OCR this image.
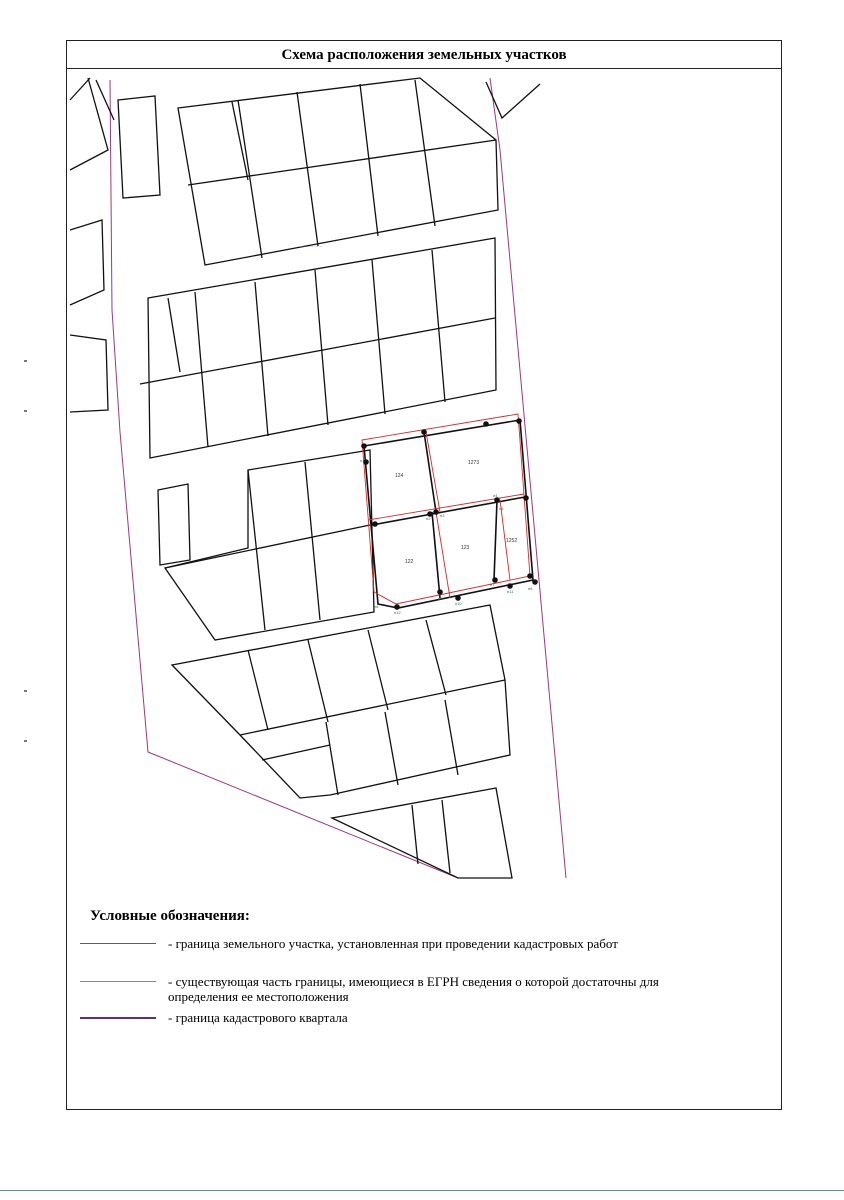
Схема расположения земельных участков
124
1273
123
122
1252
н1
н2
н3
н4
н5
н6
н7
н8
н9
н10
н11
н12
___:___:___
Условные обозначения:
- граница земельного участка, установленная при проведении кадастровых работ
- существующая часть границы, имеющиеся в ЕГРН сведения о которой достаточны для определения ее местоположения
- граница кадастрового квартала
